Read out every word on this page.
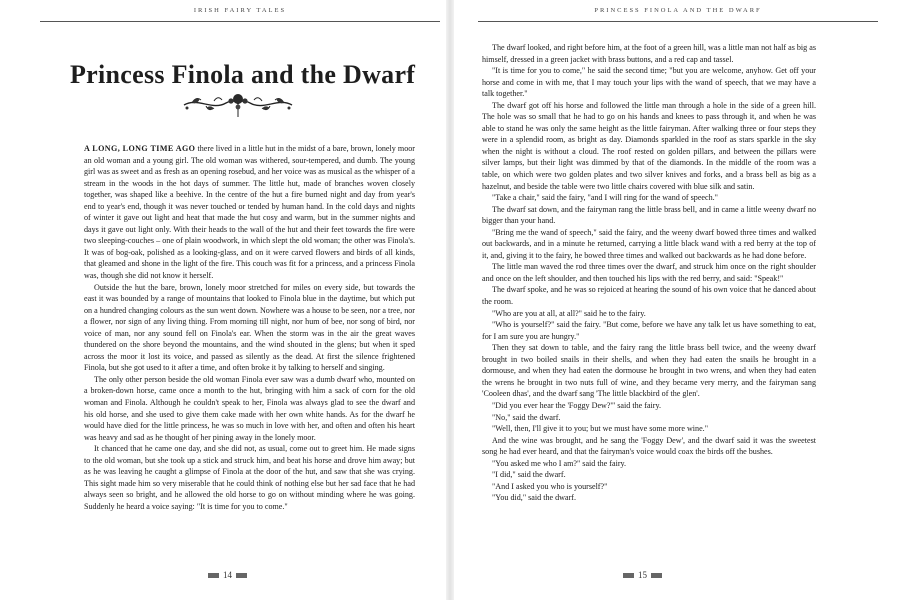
IRISH FAIRY TALES
Princess Finola and the Dwarf

A LONG, LONG TIME AGO there lived in a little hut in the midst of a bare, brown, lonely moor an old woman and a young girl. The old woman was withered, sour-tempered, and dumb. The young girl was as sweet and as fresh as an opening rosebud, and her voice was as musical as the whisper of a stream in the woods in the hot days of summer. The little hut, made of branches woven closely together, was shaped like a beehive. In the centre of the hut a fire burned night and day from year's end to year's end, though it was never touched or tended by human hand. In the cold days and nights of winter it gave out light and heat that made the hut cosy and warm, but in the summer nights and days it gave out light only. With their heads to the wall of the hut and their feet towards the fire were two sleeping-couches – one of plain woodwork, in which slept the old woman; the other was Finola's. It was of bog-oak, polished as a looking-glass, and on it were carved flowers and birds of all kinds, that gleamed and shone in the light of the fire. This couch was fit for a princess, and a princess Finola was, though she did not know it herself.

Outside the hut the bare, brown, lonely moor stretched for miles on every side, but towards the east it was bounded by a range of mountains that looked to Finola blue in the daytime, but which put on a hundred changing colours as the sun went down. Nowhere was a house to be seen, nor a tree, nor a flower, nor sign of any living thing. From morning till night, nor hum of bee, nor song of bird, nor voice of man, nor any sound fell on Finola's ear. When the storm was in the air the great waves thundered on the shore beyond the mountains, and the wind shouted in the glens; but when it sped across the moor it lost its voice, and passed as silently as the dead. At first the silence frightened Finola, but she got used to it after a time, and often broke it by talking to herself and singing.

The only other person beside the old woman Finola ever saw was a dumb dwarf who, mounted on a broken-down horse, came once a month to the hut, bringing with him a sack of corn for the old woman and Finola. Although he couldn't speak to her, Finola was always glad to see the dwarf and his old horse, and she used to give them cake made with her own white hands. As for the dwarf he would have died for the little princess, he was so much in love with her, and often and often his heart was heavy and sad as he thought of her pining away in the lonely moor.

It chanced that he came one day, and she did not, as usual, come out to greet him. He made signs to the old woman, but she took up a stick and struck him, and beat his horse and drove him away; but as he was leaving he caught a glimpse of Finola at the door of the hut, and saw that she was crying. This sight made him so very miserable that he could think of nothing else but her sad face that he had always seen so bright, and he allowed the old horse to go on without minding where he was going. Suddenly he heard a voice saying: "It is time for you to come."

14
PRINCESS FINOLA AND THE DWARF

The dwarf looked, and right before him, at the foot of a green hill, was a little man not half as big as himself, dressed in a green jacket with brass buttons, and a red cap and tassel.

"It is time for you to come," he said the second time; "but you are welcome, anyhow. Get off your horse and come in with me, that I may touch your lips with the wand of speech, that we may have a talk together."

The dwarf got off his horse and followed the little man through a hole in the side of a green hill. The hole was so small that he had to go on his hands and knees to pass through it, and when he was able to stand he was only the same height as the little fairyman. After walking three or four steps they were in a splendid room, as bright as day. Diamonds sparkled in the roof as stars sparkle in the sky when the night is without a cloud. The roof rested on golden pillars, and between the pillars were silver lamps, but their light was dimmed by that of the diamonds. In the middle of the room was a table, on which were two golden plates and two silver knives and forks, and a brass bell as big as a hazelnut, and beside the table were two little chairs covered with blue silk and satin.

"Take a chair," said the fairy, "and I will ring for the wand of speech."

The dwarf sat down, and the fairyman rang the little brass bell, and in came a little weeny dwarf no bigger than your hand.

"Bring me the wand of speech," said the fairy, and the weeny dwarf bowed three times and walked out backwards, and in a minute he returned, carrying a little black wand with a red berry at the top of it, and, giving it to the fairy, he bowed three times and walked out backwards as he had done before.

The little man waved the rod three times over the dwarf, and struck him once on the right shoulder and once on the left shoulder, and then touched his lips with the red berry, and said: "Speak!"

The dwarf spoke, and he was so rejoiced at hearing the sound of his own voice that he danced about the room.

"Who are you at all, at all?" said he to the fairy.

"Who is yourself?" said the fairy. "But come, before we have any talk let us have something to eat, for I am sure you are hungry."

Then they sat down to table, and the fairy rang the little brass bell twice, and the weeny dwarf brought in two boiled snails in their shells, and when they had eaten the snails he brought in a dormouse, and when they had eaten the dormouse he brought in two wrens, and when they had eaten the wrens he brought in two nuts full of wine, and they became very merry, and the fairyman sang 'Cooleen dhas', and the dwarf sang 'The little blackbird of the glen'.

"Did you ever hear the 'Foggy Dew?'" said the fairy.

"No," said the dwarf.

"Well, then, I'll give it to you; but we must have some more wine."

And the wine was brought, and he sang the 'Foggy Dew', and the dwarf said it was the sweetest song he had ever heard, and that the fairyman's voice would coax the birds off the bushes.

"You asked me who I am?" said the fairy.

"I did," said the dwarf.

"And I asked you who is yourself?"

"You did," said the dwarf.

15
